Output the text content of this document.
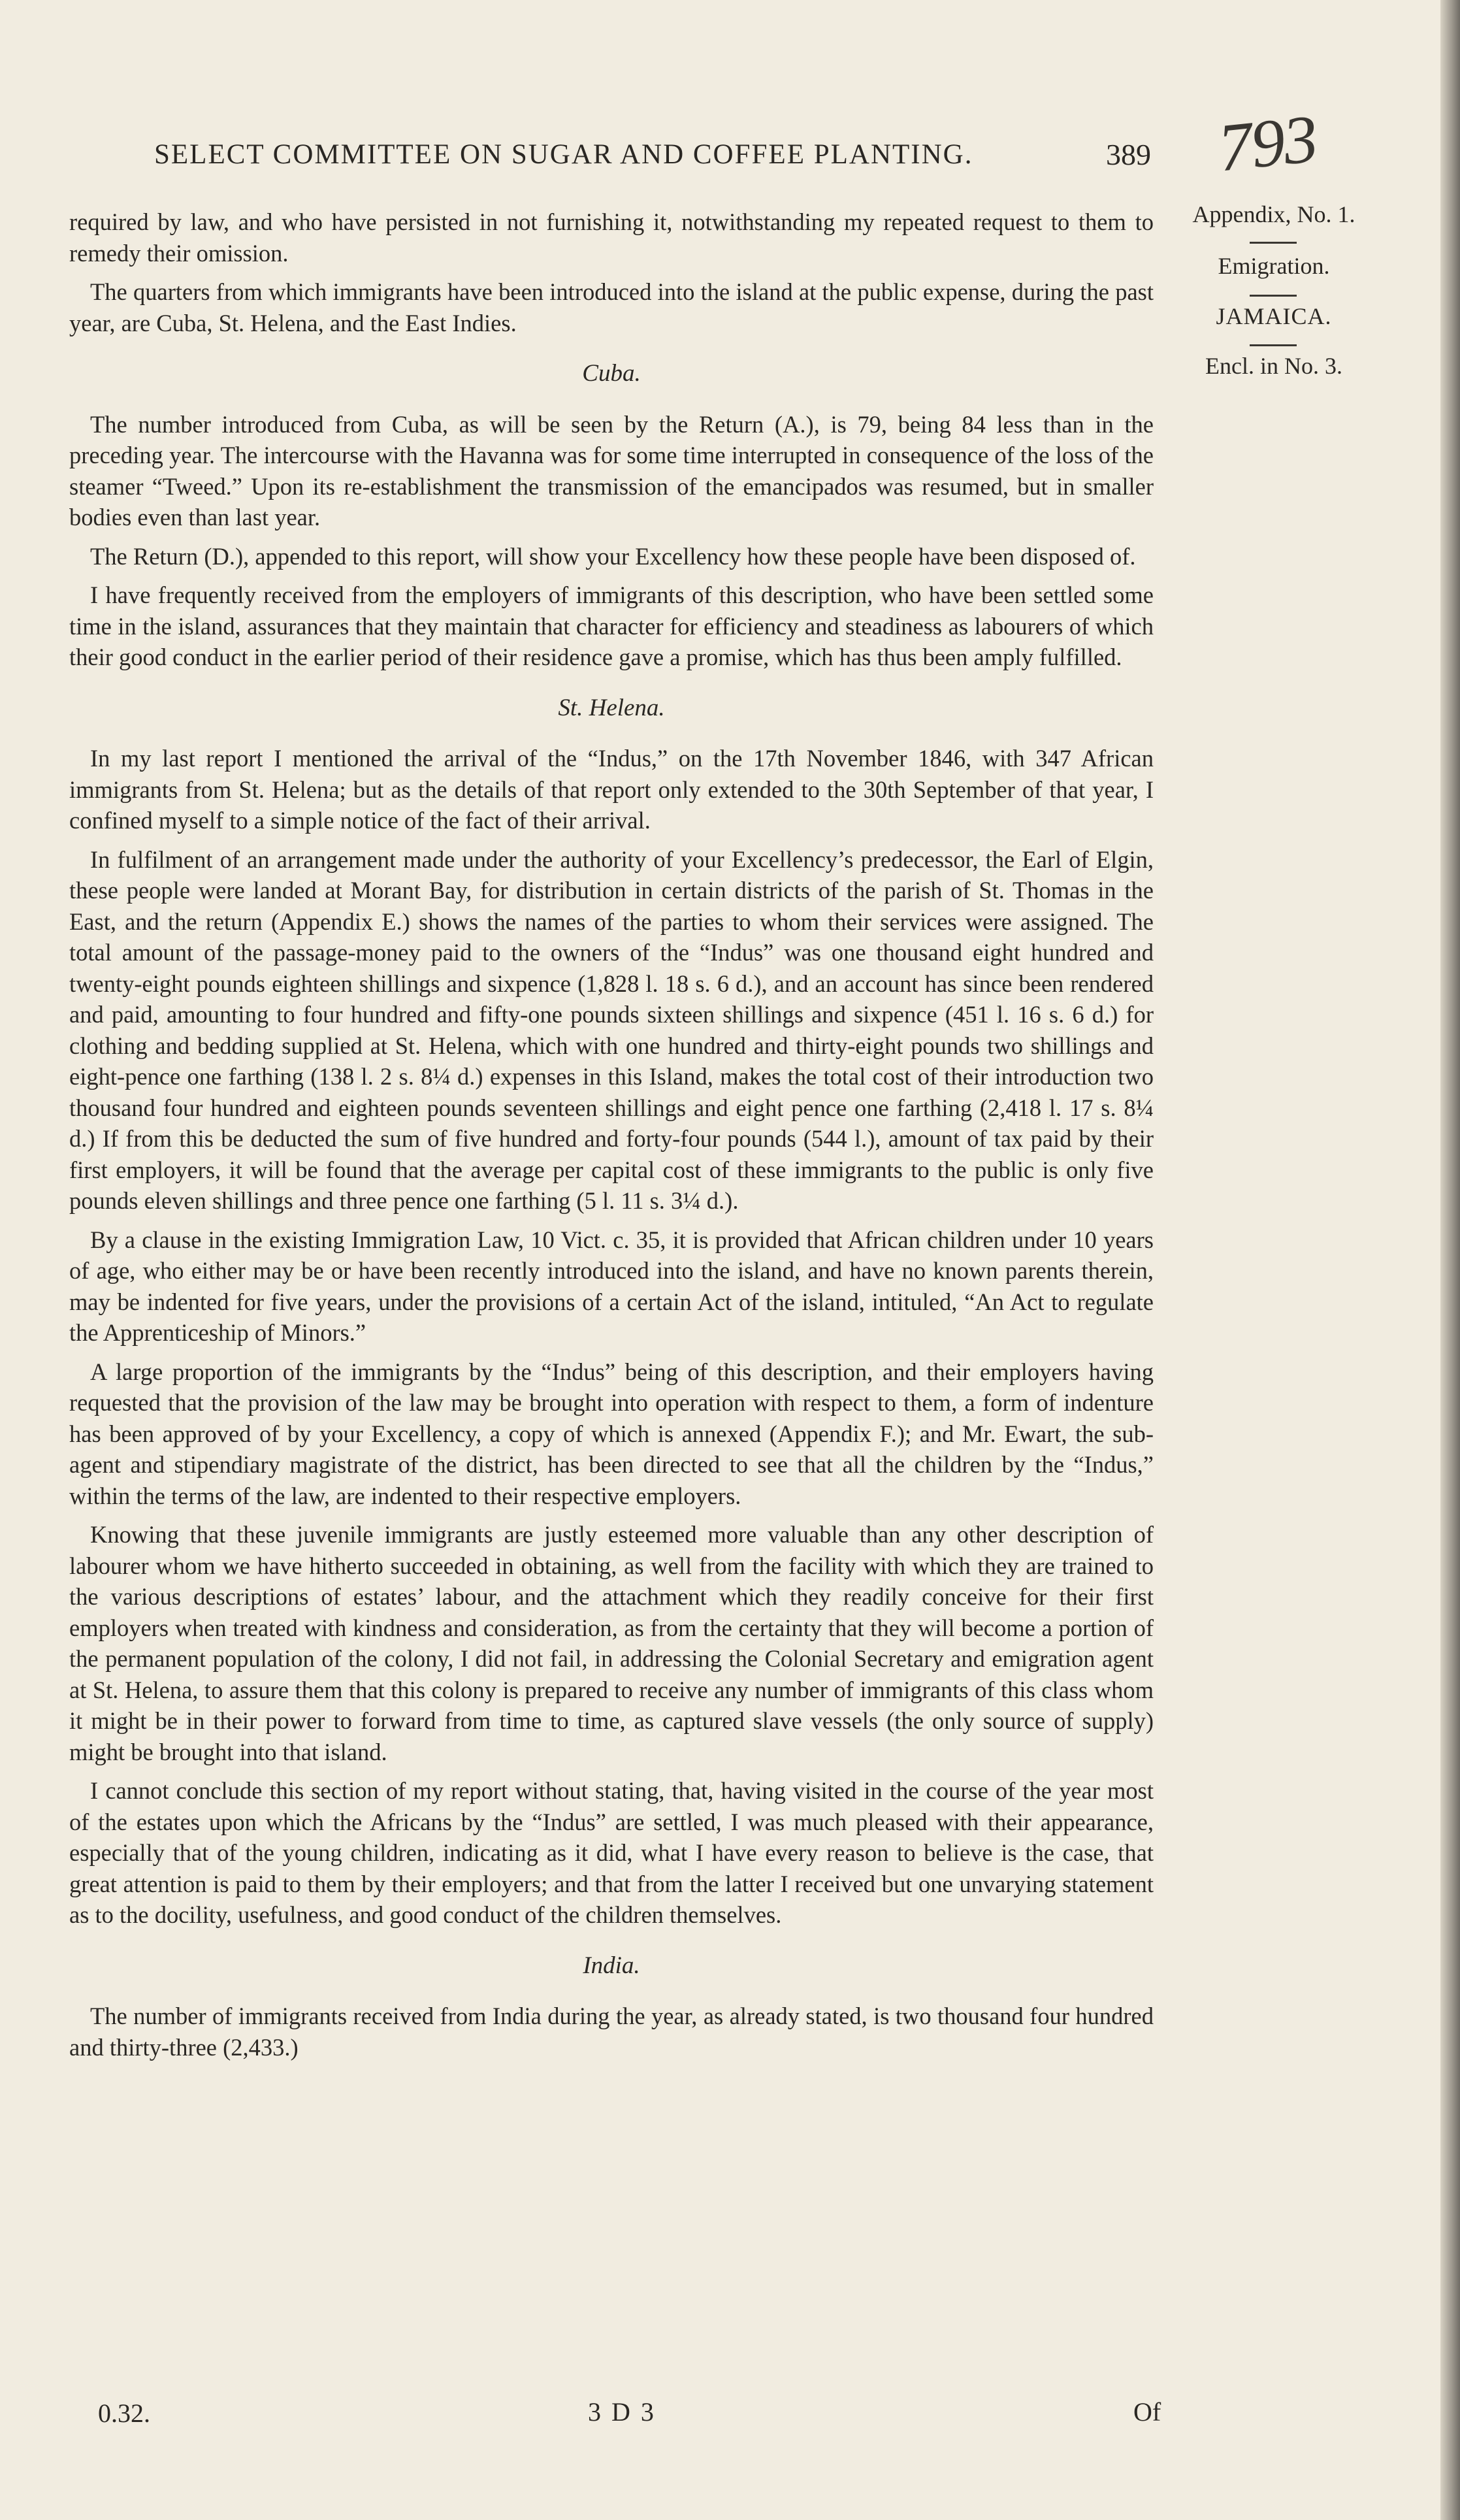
SELECT COMMITTEE ON SUGAR AND COFFEE PLANTING.	389 793
Appendix, No. 1.
Emigration.
JAMAICA.
Encl. in No. 3.

required by law, and who have persisted in not furnishing it, notwithstanding my repeated request to them to remedy their omission.

The quarters from which immigrants have been introduced into the island at the public expense, during the past year, are Cuba, St. Helena, and the East Indies.

Cuba.

The number introduced from Cuba, as will be seen by the Return (A.), is 79, being 84 less than in the preceding year. The intercourse with the Havanna was for some time interrupted in consequence of the loss of the steamer “Tweed.” Upon its re-establishment the transmission of the emancipados was resumed, but in smaller bodies even than last year.

The Return (D.), appended to this report, will show your Excellency how these people have been disposed of.

I have frequently received from the employers of immigrants of this description, who have been settled some time in the island, assurances that they maintain that character for efficiency and steadiness as labourers of which their good conduct in the earlier period of their residence gave a promise, which has thus been amply fulfilled.

St. Helena.

In my last report I mentioned the arrival of the “Indus,” on the 17th November 1846, with 347 African immigrants from St. Helena; but as the details of that report only extended to the 30th September of that year, I confined myself to a simple notice of the fact of their arrival.

In fulfilment of an arrangement made under the authority of your Excellency’s predecessor, the Earl of Elgin, these people were landed at Morant Bay, for distribution in certain districts of the parish of St. Thomas in the East, and the return (Appendix E.) shows the names of the parties to whom their services were assigned. The total amount of the passage-money paid to the owners of the “Indus” was one thousand eight hundred and twenty-eight pounds eighteen shillings and sixpence (1,828 l. 18 s. 6 d.), and an account has since been rendered and paid, amounting to four hundred and fifty-one pounds sixteen shillings and sixpence (451 l. 16 s. 6 d.) for clothing and bedding supplied at St. Helena, which with one hundred and thirty-eight pounds two shillings and eight-pence one farthing (138 l. 2 s. 8¼ d.) expenses in this Island, makes the total cost of their introduction two thousand four hundred and eighteen pounds seventeen shillings and eight pence one farthing (2,418 l. 17 s. 8¼ d.) If from this be deducted the sum of five hundred and forty-four pounds (544 l.), amount of tax paid by their first employers, it will be found that the average per capital cost of these immigrants to the public is only five pounds eleven shillings and three pence one farthing (5 l. 11 s. 3¼ d.).

By a clause in the existing Immigration Law, 10 Vict. c. 35, it is provided that African children under 10 years of age, who either may be or have been recently introduced into the island, and have no known parents therein, may be indented for five years, under the provisions of a certain Act of the island, intituled, “An Act to regulate the Apprenticeship of Minors.”

A large proportion of the immigrants by the “Indus” being of this description, and their employers having requested that the provision of the law may be brought into operation with respect to them, a form of indenture has been approved of by your Excellency, a copy of which is annexed (Appendix F.); and Mr. Ewart, the sub-agent and stipendiary magistrate of the district, has been directed to see that all the children by the “Indus,” within the terms of the law, are indented to their respective employers.

Knowing that these juvenile immigrants are justly esteemed more valuable than any other description of labourer whom we have hitherto succeeded in obtaining, as well from the facility with which they are trained to the various descriptions of estates’ labour, and the attachment which they readily conceive for their first employers when treated with kindness and consideration, as from the certainty that they will become a portion of the permanent population of the colony, I did not fail, in addressing the Colonial Secretary and emigration agent at St. Helena, to assure them that this colony is prepared to receive any number of immigrants of this class whom it might be in their power to forward from time to time, as captured slave vessels (the only source of supply) might be brought into that island.

I cannot conclude this section of my report without stating, that, having visited in the course of the year most of the estates upon which the Africans by the “Indus” are settled, I was much pleased with their appearance, especially that of the young children, indicating as it did, what I have every reason to believe is the case, that great attention is paid to them by their employers; and that from the latter I received but one unvarying statement as to the docility, usefulness, and good conduct of the children themselves.

India.

The number of immigrants received from India during the year, as already stated, is two thousand four hundred and thirty-three (2,433.)

0.32.	3 D 3	Of
